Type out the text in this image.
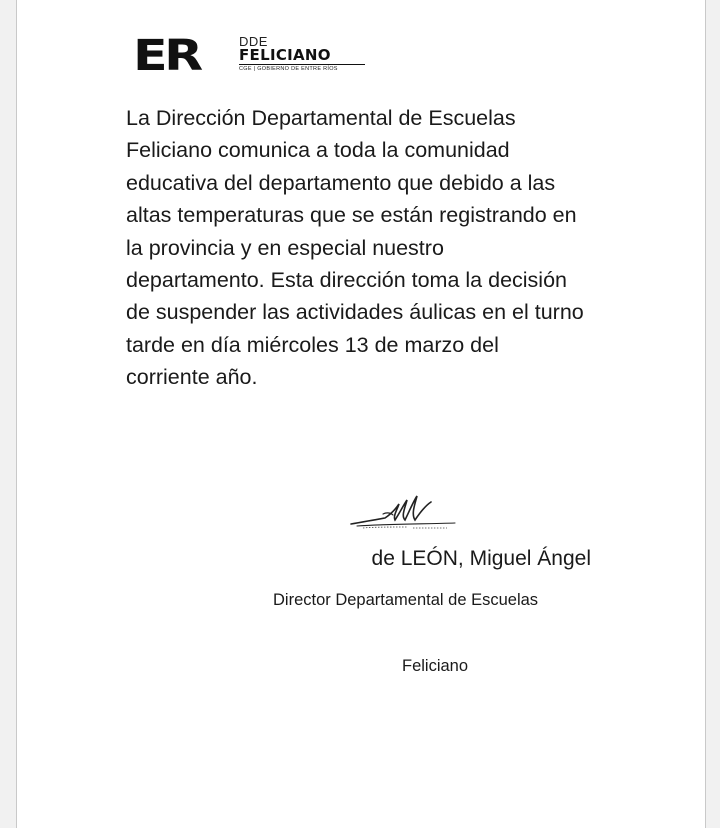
ER	DDE
FELICIANO
CGE | GOBIERNO DE ENTRE RÍOS

La Dirección Departamental de Escuelas Feliciano comunica a toda la comunidad educativa del departamento que debido a las altas temperaturas que se están registrando en la provincia y en especial nuestro departamento. Esta dirección toma la decisión de suspender las actividades áulicas en el turno tarde en día miércoles 13 de marzo del corriente año.

de LEÓN, Miguel Ángel

Director Departamental de Escuelas

Feliciano
